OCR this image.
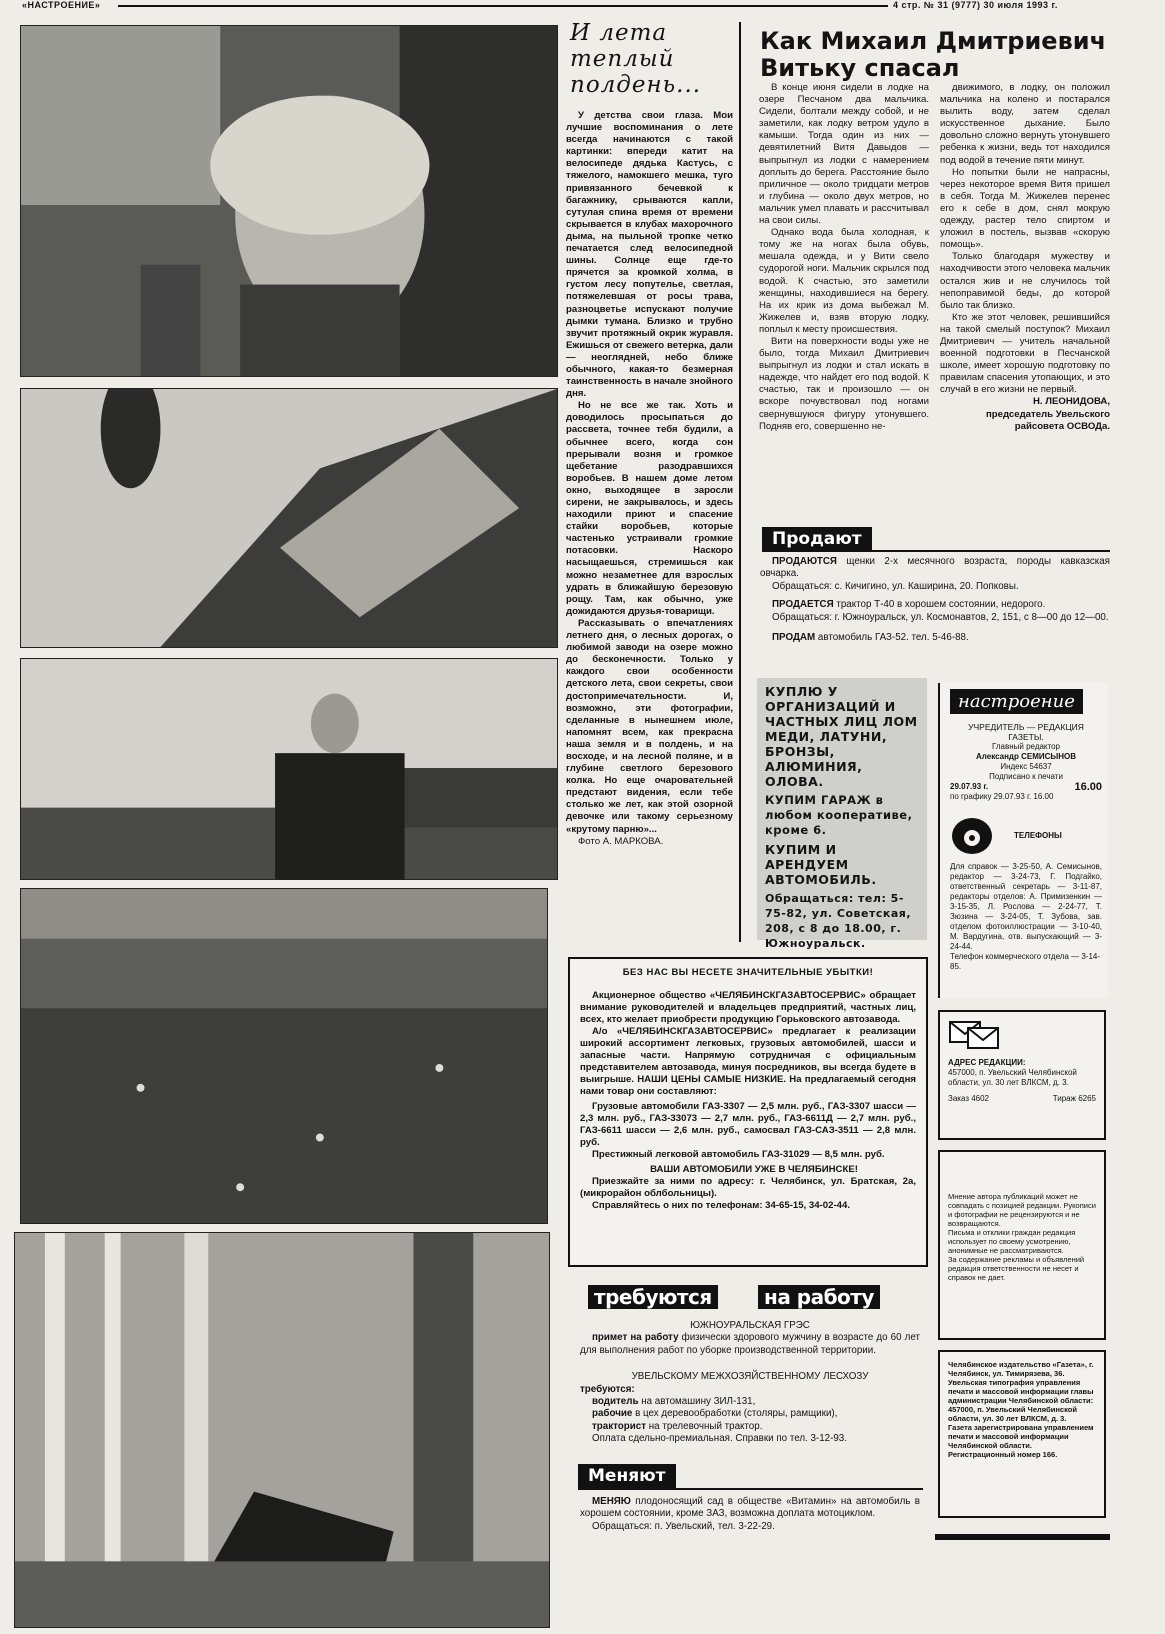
«НАСТРОЕНИЕ»	4 стр. № 31 (9777) 30 июля 1993 г.
И лета теплый полдень...

У детства свои глаза. Мои лучшие воспоминания о лете всегда начинаются с такой картинки: впереди катит на велосипеде дядька Кастусь, с тяжелого, намокшего мешка, туго привязанного бечевкой к багажнику, срываются капли, сутулая спина время от времени скрывается в клубах махорочного дыма, на пыльной тропке четко печатается след велосипедной шины. Солнце еще где-то прячется за кромкой холма, в густом лесу попутелье, светлая, потяжелевшая от росы трава, разноцветье испускают получие дымки тумана. Близко и трубно звучит протяжный окрик журавля. Ежишься от свежего ветерка, дали — неоглядней, небо ближе обычного, какая-то безмерная таинственность в начале знойного дня.

Но не все же так. Хоть и доводилось просыпаться до рассвета, точнее тебя будили, а обычнее всего, когда сон прерывали возня и громкое щебетание разодравшихся воробьев. В нашем доме летом окно, выходящее в заросли сирени, не закрывалось, и здесь находили приют и спасение стайки воробьев, которые частенько устраивали громкие потасовки. Наскоро насыщаешься, стремишься как можно незаметнее для взрослых удрать в ближайшую березовую рощу. Там, как обычно, уже дожидаются друзья-товарищи.

Рассказывать о впечатлениях летнего дня, о лесных дорогах, о любимой заводи на озере можно до бесконечности. Только у каждого свои особенности детского лета, свои секреты, свои достопримечательности. И, возможно, эти фотографии, сделанные в нынешнем июле, напомнят всем, как прекрасна наша земля и в полдень, и на восходе, и на лесной поляне, и в глубине светлого березового колка. Но еще очаровательней предстают видения, если тебе столько же лет, как этой озорной девочке или такому серьезному «крутому парню»...

Фото А. МАРКОВА.

Как Михаил Дмитриевич Витьку спасал

В конце июня сидели в лодке на озере Песчаном два мальчика. Сидели, болтали между собой, и не заметили, как лодку ветром удуло в камыши. Тогда один из них — девятилетний Витя Давыдов — выпрыгнул из лодки с намерением доплыть до берега. Расстояние было приличное — около тридцати метров и глубина — около двух метров, но мальчик умел плавать и рассчитывал на свои силы.

Однако вода была холодная, к тому же на ногах была обувь, мешала одежда, и у Вити свело судорогой ноги. Мальчик скрылся под водой. К счастью, это заметили женщины, находившиеся на берегу. На их крик из дома выбежал М. Жижелев и, взяв вторую лодку, поплыл к месту происшествия.

Вити на поверхности воды уже не было, тогда Михаил Дмитриевич выпрыгнул из лодки и стал искать в надежде, что найдет его под водой. К счастью, так и произошло — он вскоре почувствовал под ногами свернувшуюся фигуру утонувшего. Подняв его, совершенно не-

движимого, в лодку, он положил мальчика на колено и постарался вылить воду, затем сделал искусственное дыхание. Было довольно сложно вернуть утонувшего ребенка к жизни, ведь тот находился под водой в течение пяти минут.

Но попытки были не напрасны, через некоторое время Витя пришел в себя. Тогда М. Жижелев перенес его к себе в дом, снял мокрую одежду, растер тело спиртом и уложил в постель, вызвав «скорую помощь».

Только благодаря мужеству и находчивости этого человека мальчик остался жив и не случилось той непоправимой беды, до которой было так близко.

Кто же этот человек, решившийся на такой смелый поступок? Михаил Дмитриевич — учитель начальной военной подготовки в Песчанской школе, имеет хорошую подготовку по правилам спасения утопающих, и это случай в его жизни не первый.

Н. ЛЕОНИДОВА,

председатель Увельского райсовета ОСВОДа.

Продают

ПРОДАЮТСЯ щенки 2-х месячного возраста, породы кавказская овчарка.

Обращаться: с. Кичигино, ул. Каширина, 20. Попковы.

ПРОДАЕТСЯ трактор Т-40 в хорошем состоянии, недорого.

Обращаться: г. Южноуральск, ул. Космонавтов, 2, 151, с 8—00 до 12—00.

ПРОДАМ автомобиль ГАЗ-52. тел. 5-46-88.

КУПЛЮ У ОРГАНИЗАЦИЙ И ЧАСТНЫХ ЛИЦ ЛОМ МЕДИ, ЛАТУНИ, БРОНЗЫ, АЛЮМИНИЯ, ОЛОВА.
КУПИМ ГАРАЖ в любом кооперативе, кроме 6.
КУПИМ И АРЕНДУЕМ АВТОМОБИЛЬ.
Обращаться: тел: 5-75-82, ул. Советская, 208, с 8 до 18.00, г. Южноуральск.
настроение
УЧРЕДИТЕЛЬ — РЕДАКЦИЯ ГАЗЕТЫ.
Главный редактор
Александр СЕМИСЫНОВ
Индекс 54637
Подписано к печати
29.07.93 г.	16.00
по графику 29.07.93 г. 16.00
ТЕЛЕФОНЫ
Для справок — 3-25-50, А. Семисынов, редактор — 3-24-73, Г. Подгайко, ответственный секретарь — 3-11-87, редакторы отделов: А. Примизенкин — 3-15-35, Л. Рослова — 2-24-77, Т. Зюзина — 3-24-05, Т. Зубова, зав. отделом фотоиллюстрации — 3-10-40, М. Вардугина, отв. выпускающий — 3-24-44.
Телефон коммерческого отдела — 3-14-85.
АДРЕС РЕДАКЦИИ:
457000, п. Увельский Челябинской области, ул. 30 лет ВЛКСМ, д. 3.
Заказ 4602	Тираж 6265
Мнение автора публикаций может не совпадать с позицией редакции. Рукописи и фотографии не рецензируются и не возвращаются.
Письма и отклики граждан редакция использует по своему усмотрению, анонимные не рассматриваются.
За содержание рекламы и объявлений редакция ответственности не несет и справок не дает.
Челябинское издательство «Газета», г. Челябинск, ул. Тимирязева, 36.
Увельская типография управления печати и массовой информации главы администрации Челябинской области: 457000, п. Увельский Челябинской области, ул. 30 лет ВЛКСМ, д. 3.
Газета зарегистрирована управлением печати и массовой информации Челябинской области. Регистрационный номер 166.
БЕЗ НАС ВЫ НЕСЕТЕ ЗНАЧИТЕЛЬНЫЕ УБЫТКИ!

Акционерное общество «ЧЕЛЯБИНСКГАЗАВТОСЕРВИС» обращает внимание руководителей и владельцев предприятий, частных лиц, всех, кто желает приобрести продукцию Горьковского автозавода.

А/о «ЧЕЛЯБИНСКГАЗАВТОСЕРВИС» предлагает к реализации широкий ассортимент легковых, грузовых автомобилей, шасси и запасные части. Напрямую сотрудничая с официальным представителем автозавода, минуя посредников, вы всегда будете в выигрыше. НАШИ ЦЕНЫ САМЫЕ НИЗКИЕ. На предлагаемый сегодня нами товар они составляют:

Грузовые автомобили ГАЗ-3307 — 2,5 млн. руб., ГАЗ-3307 шасси — 2,3 млн. руб., ГАЗ-33073 — 2,7 млн. руб., ГАЗ-6611Д — 2,7 млн. руб., ГАЗ-6611 шасси — 2,6 млн. руб., самосвал ГАЗ-САЗ-3511 — 2,8 млн. руб.

Престижный легковой автомобиль ГАЗ-31029 — 8,5 млн. руб.

ВАШИ АВТОМОБИЛИ УЖЕ В ЧЕЛЯБИНСКЕ!

Приезжайте за ними по адресу: г. Челябинск, ул. Братская, 2а, (микрорайон облбольницы).

Справляйтесь о них по телефонам: 34-65-15, 34-02-44.

требуются	на работу

ЮЖНОУРАЛЬСКАЯ ГРЭС

примет на работу физически здорового мужчину в возрасте до 60 лет для выполнения работ по уборке производственной территории.

УВЕЛЬСКОМУ МЕЖХОЗЯЙСТВЕННОМУ ЛЕСХОЗУ

требуются:

водитель на автомашину ЗИЛ-131,

рабочие в цех деревообработки (столяры, рамщики),

тракторист на трелевочный трактор.

Оплата сдельно-премиальная. Справки по тел. 3-12-93.

Меняют

МЕНЯЮ плодоносящий сад в обществе «Витамин» на автомобиль в хорошем состоянии, кроме ЗАЗ, возможна доплата мотоциклом.

Обращаться: п. Увельский, тел. 3-22-29.
